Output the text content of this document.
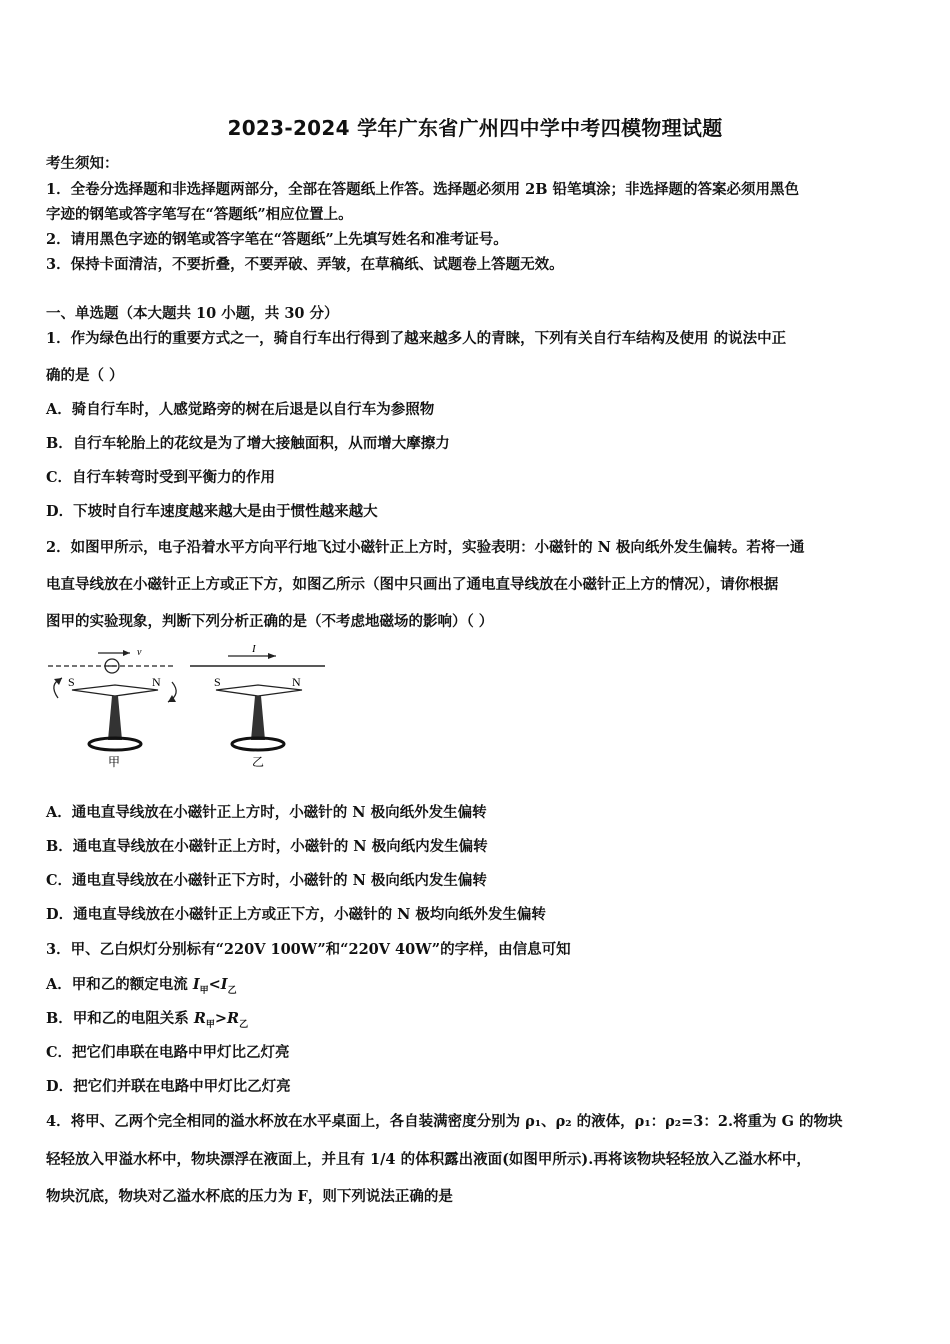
2023-2024 学年广东省广州四中学中考四模物理试题
考生须知：
1．全卷分选择题和非选择题两部分，全部在答题纸上作答。选择题必须用 2B 铅笔填涂；非选择题的答案必须用黑色
字迹的钢笔或答字笔写在“答题纸”相应位置上。
2．请用黑色字迹的钢笔或答字笔在“答题纸”上先填写姓名和准考证号。
3．保持卡面清洁，不要折叠，不要弄破、弄皱，在草稿纸、试题卷上答题无效。
一、单选题（本大题共 10 小题，共 30 分）
1．作为绿色出行的重要方式之一，骑自行车出行得到了越来越多人的青睐，下列有关自行车结构及使用 的说法中正
确的是（ ）
A．骑自行车时，人感觉路旁的树在后退是以自行车为参照物
B．自行车轮胎上的花纹是为了增大接触面积，从而增大摩擦力
C．自行车转弯时受到平衡力的作用
D．下坡时自行车速度越来越大是由于惯性越来越大
2．如图甲所示，电子沿着水平方向平行地飞过小磁针正上方时，实验表明：小磁针的 N 极向纸外发生偏转。若将一通
电直导线放在小磁针正上方或正下方，如图乙所示（图中只画出了通电直导线放在小磁针正上方的情况），请你根据
图甲的实验现象，判断下列分析正确的是（不考虑地磁场的影响）（ ）
v
S	N
甲
I
S	N
乙
A．通电直导线放在小磁针正上方时，小磁针的 N 极向纸外发生偏转
B．通电直导线放在小磁针正上方时，小磁针的 N 极向纸内发生偏转
C．通电直导线放在小磁针正下方时，小磁针的 N 极向纸内发生偏转
D．通电直导线放在小磁针正上方或正下方，小磁针的 N 极均向纸外发生偏转
3．甲、乙白炽灯分别标有“220V 100W”和“220V 40W”的字样，由信息可知
A．甲和乙的额定电流 $I_甲<I_乙$
B．甲和乙的电阻关系 $R_甲>R_乙$
C．把它们串联在电路中甲灯比乙灯亮
D．把它们并联在电路中甲灯比乙灯亮
4．将甲、乙两个完全相同的溢水杯放在水平桌面上，各自装满密度分别为 ρ₁、ρ₂ 的液体，ρ₁：ρ₂=3：2.将重为 G 的物块
轻轻放入甲溢水杯中，物块漂浮在液面上，并且有 1/4 的体积露出液面(如图甲所示).再将该物块轻轻放入乙溢水杯中，
物块沉底，物块对乙溢水杯底的压力为 F，则下列说法正确的是
